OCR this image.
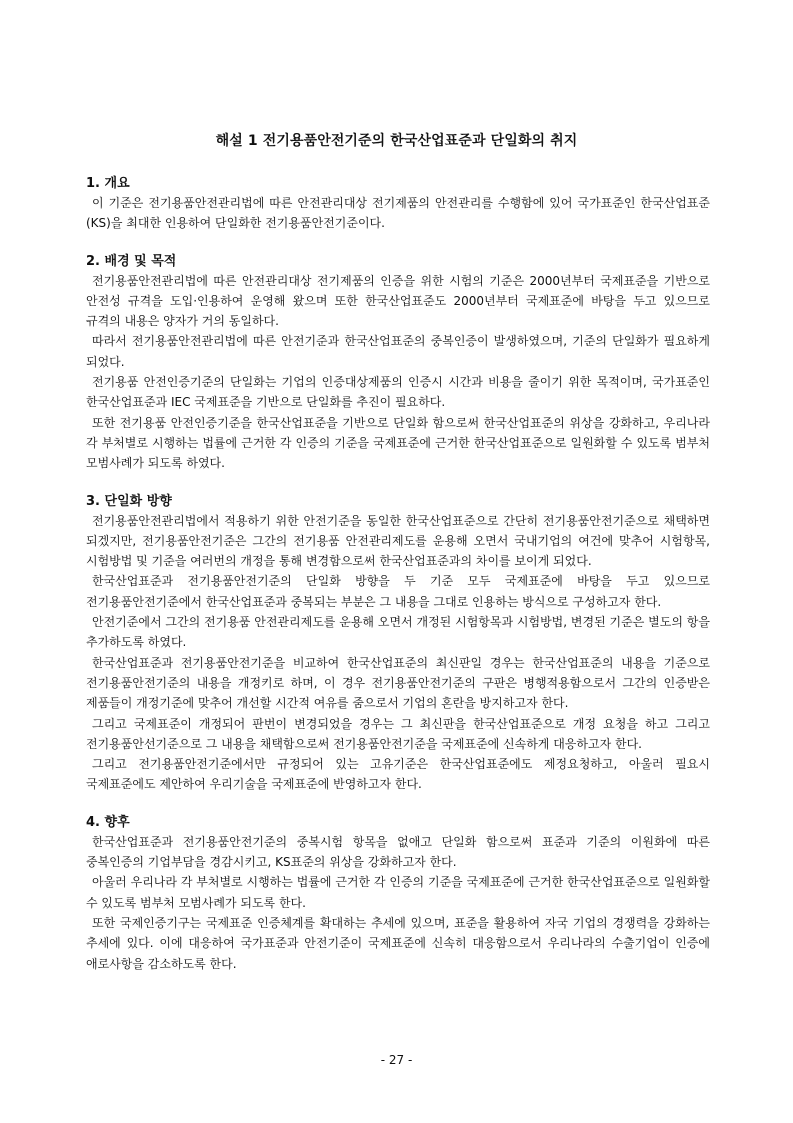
해설 1 전기용품안전기준의 한국산업표준과 단일화의 취지

1. 개요

이 기준은 전기용품안전관리법에 따른 안전관리대상 전기제품의 안전관리를 수행함에 있어 국가표준인 한국산업표준(KS)을 최대한 인용하여 단일화한 전기용품안전기준이다.

2. 배경 및 목적

전기용품안전관리법에 따른 안전관리대상 전기제품의 인증을 위한 시험의 기준은 2000년부터 국제표준을 기반으로 안전성 규격을 도입·인용하여 운영해 왔으며 또한 한국산업표준도 2000년부터 국제표준에 바탕을 두고 있으므로 규격의 내용은 양자가 거의 동일하다.

따라서 전기용품안전관리법에 따른 안전기준과 한국산업표준의 중복인증이 발생하였으며, 기준의 단일화가 필요하게 되었다.

전기용품 안전인증기준의 단일화는 기업의 인증대상제품의 인증시 시간과 비용을 줄이기 위한 목적이며, 국가표준인 한국산업표준과 IEC 국제표준을 기반으로 단일화를 추진이 필요하다.

또한 전기용품 안전인증기준을 한국산업표준을 기반으로 단일화 함으로써 한국산업표준의 위상을 강화하고, 우리나라 각 부처별로 시행하는 법률에 근거한 각 인증의 기준을 국제표준에 근거한 한국산업표준으로 일원화할 수 있도록 범부처 모범사례가 되도록 하였다.

3. 단일화 방향

전기용품안전관리법에서 적용하기 위한 안전기준을 동일한 한국산업표준으로 간단히 전기용품안전기준으로 채택하면 되겠지만, 전기용품안전기준은 그간의 전기용품 안전관리제도를 운용해 오면서 국내기업의 여건에 맞추어 시험항목, 시험방법 및 기준을 여러번의 개정을 통해 변경함으로써 한국산업표준과의 차이를 보이게 되었다.

한국산업표준과 전기용품안전기준의 단일화 방향을 두 기준 모두 국제표준에 바탕을 두고 있으므로 전기용품안전기준에서 한국산업표준과 중복되는 부분은 그 내용을 그대로 인용하는 방식으로 구성하고자 한다.

안전기준에서 그간의 전기용품 안전관리제도를 운용해 오면서 개정된 시험항목과 시험방법, 변경된 기준은 별도의 항을 추가하도록 하였다.

한국산업표준과 전기용품안전기준을 비교하여 한국산업표준의 최신판일 경우는 한국산업표준의 내용을 기준으로 전기용품안전기준의 내용을 개정키로 하며, 이 경우 전기용품안전기준의 구판은 병행적용함으로서 그간의 인증받은 제품들이 개정기준에 맞추어 개선할 시간적 여유를 줌으로서 기업의 혼란을 방지하고자 한다.

그리고 국제표준이 개정되어 판번이 변경되었을 경우는 그 최신판을 한국산업표준으로 개정 요청을 하고 그리고 전기용품안선기준으로 그 내용을 채택함으로써 전기용품안전기준을 국제표준에 신속하게 대응하고자 한다.

그리고 전기용품안전기준에서만 규정되어 있는 고유기준은 한국산업표준에도 제정요청하고, 아울러 필요시 국제표준에도 제안하여 우리기술을 국제표준에 반영하고자 한다.

4. 향후

한국산업표준과 전기용품안전기준의 중복시험 항목을 없애고 단일화 함으로써 표준과 기준의 이원화에 따른 중복인증의 기업부담을 경감시키고, KS표준의 위상을 강화하고자 한다.

아울러 우리나라 각 부처별로 시행하는 법률에 근거한 각 인증의 기준을 국제표준에 근거한 한국산업표준으로 일원화할 수 있도록 범부처 모범사례가 되도록 한다.

또한 국제인증기구는 국제표준 인증체계를 확대하는 추세에 있으며, 표준을 활용하여 자국 기업의 경쟁력을 강화하는 추세에 있다. 이에 대응하여 국가표준과 안전기준이 국제표준에 신속히 대응함으로서 우리나라의 수출기업이 인증에 애로사항을 감소하도록 한다.

- 27 -
